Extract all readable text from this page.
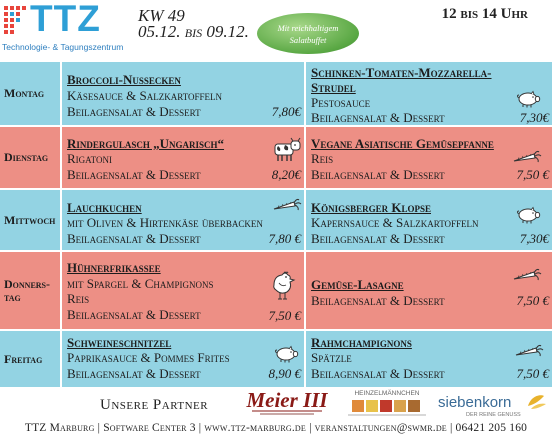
TTZ
Technologie- & Tagungszentrum
KW 49
05.12. bis 09.12.	Mit reichhaltigem
Salatbuffet
12 bis 14 Uhr
Montag
Broccoli-Nussecken
Käsesauce & Salzkartoffeln
Beilagensalat & Dessert	7,80€
Schinken-Tomaten-Mozzarella-
Strudel
Pestosauce
Beilagensalat & Dessert	7,30€
Dienstag
Rindergulasch „Ungarisch“
Rigatoni
Beilagensalat & Dessert	8,20€
Vegane Asiatische Gemüsepfanne
Reis
Beilagensalat & Dessert	7,50 €
Mittwoch
Lauchkuchen
mit Oliven & Hirtenkäse überbacken
Beilagensalat & Dessert	7,80 €
Königsberger Klopse
Kapernsauce & Salzkartoffeln
Beilagensalat & Dessert	7,30€
Donners-
tag
Hühnerfrikassee
mit Spargel & Champignons
Reis
Beilagensalat & Dessert	7,50 €
Gemüse-Lasagne
Beilagensalat & Dessert	7,50 €
Freitag
Schweineschnitzel
Paprikasauce & Pommes Frites
Beilagensalat & Dessert	8,90 €
Rahmchampignons
Spätzle
Beilagensalat & Dessert	7,50 €
Unsere Partner Meier III	HEINZELMÄNNCHEN
siebenkorn
DER REINE GENUSS
TTZ Marburg | Software Center 3 | www.ttz-marburg.de | veranstaltungen@swmr.de | 06421 205 160
